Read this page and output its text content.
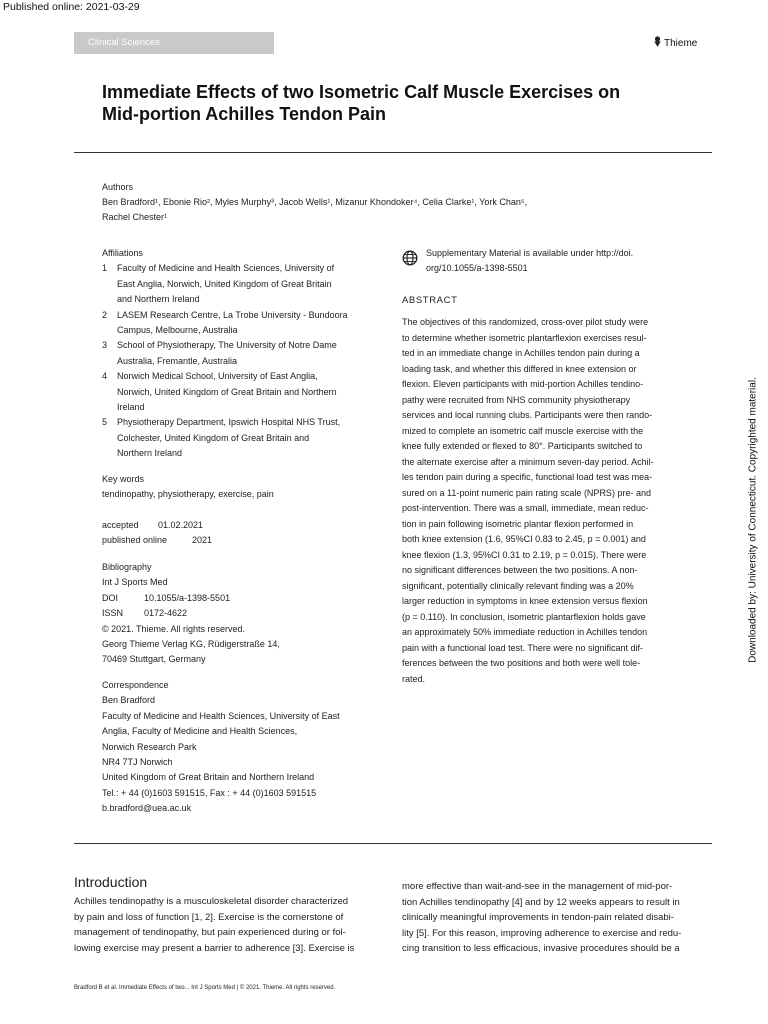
Published online: 2021-03-29
Clinical Sciences	Thieme
Immediate Effects of two Isometric Calf Muscle Exercises on Mid-portion Achilles Tendon Pain
Authors
Ben Bradford¹, Ebonie Rio², Myles Murphy³, Jacob Wells¹, Mizanur Khondoker⁴, Celia Clarke¹, York Chan⁵,
Rachel Chester¹
Affiliations
1 Faculty of Medicine and Health Sciences, University of
East Anglia, Norwich, United Kingdom of Great Britain
and Northern Ireland
2 LASEM Research Centre, La Trobe University - Bundoora
Campus, Melbourne, Australia
3 School of Physiotherapy, The University of Notre Dame
Australia, Fremantle, Australia
4 Norwich Medical School, University of East Anglia,
Norwich, United Kingdom of Great Britain and Northern
Ireland
5 Physiotherapy Department, Ipswich Hospital NHS Trust,
Colchester, United Kingdom of Great Britain and
Northern Ireland
Key words
tendinopathy, physiotherapy, exercise, pain
accepted 01.02.2021
published online	2021
Bibliography
Int J Sports Med
DOI	10.1055/a-1398-5501
ISSN 0172-4622
© 2021. Thieme. All rights reserved.
Georg Thieme Verlag KG, Rüdigerstraße 14,
70469 Stuttgart, Germany
Correspondence
Ben Bradford
Faculty of Medicine and Health Sciences, University of East
Anglia, Faculty of Medicine and Health Sciences,
Norwich Research Park
NR4 7TJ Norwich
United Kingdom of Great Britain and Northern Ireland
Tel.: + 44 (0)1603 591515, Fax : + 44 (0)1603 591515
b.bradford@uea.ac.uk
Supplementary Material is available under http://doi.
org/10.1055/a-1398-5501
ABSTRACT
The objectives of this randomized, cross-over pilot study were
to determine whether isometric plantarflexion exercises resul-
ted in an immediate change in Achilles tendon pain during a
loading task, and whether this differed in knee extension or
flexion. Eleven participants with mid-portion Achilles tendino-
pathy were recruited from NHS community physiotherapy
services and local running clubs. Participants were then rando-
mized to complete an isometric calf muscle exercise with the
knee fully extended or flexed to 80°. Participants switched to
the alternate exercise after a minimum seven-day period. Achil-
les tendon pain during a specific, functional load test was mea-
sured on a 11-point numeric pain rating scale (NPRS) pre- and
post-intervention. There was a small, immediate, mean reduc-
tion in pain following isometric plantar flexion performed in
both knee extension (1.6, 95%CI 0.83 to 2.45, p = 0.001) and
knee flexion (1.3, 95%CI 0.31 to 2.19, p = 0.015). There were
no significant differences between the two positions. A non-
significant, potentially clinically relevant finding was a 20%
larger reduction in symptoms in knee extension versus flexion
(p = 0.110). In conclusion, isometric plantarflexion holds gave
an approximately 50% immediate reduction in Achilles tendon
pain with a functional load test. There were no significant dif-
ferences between the two positions and both were well tole-
rated.
Introduction
Achilles tendinopathy is a musculoskeletal disorder characterized
by pain and loss of function [1, 2]. Exercise is the cornerstone of
management of tendinopathy, but pain experienced during or fol-
lowing exercise may present a barrier to adherence [3]. Exercise is
more effective than wait-and-see in the management of mid-por-
tion Achilles tendinopathy [4] and by 12 weeks appears to result in
clinically meaningful improvements in tendon-pain related disabi-
lity [5]. For this reason, improving adherence to exercise and redu-
cing transition to less efficacious, invasive procedures should be a
Bradford B et al. Immediate Effects of two... Int J Sports Med | © 2021. Thieme. All rights reserved.
Downloaded by: University of Connecticut. Copyrighted material.
